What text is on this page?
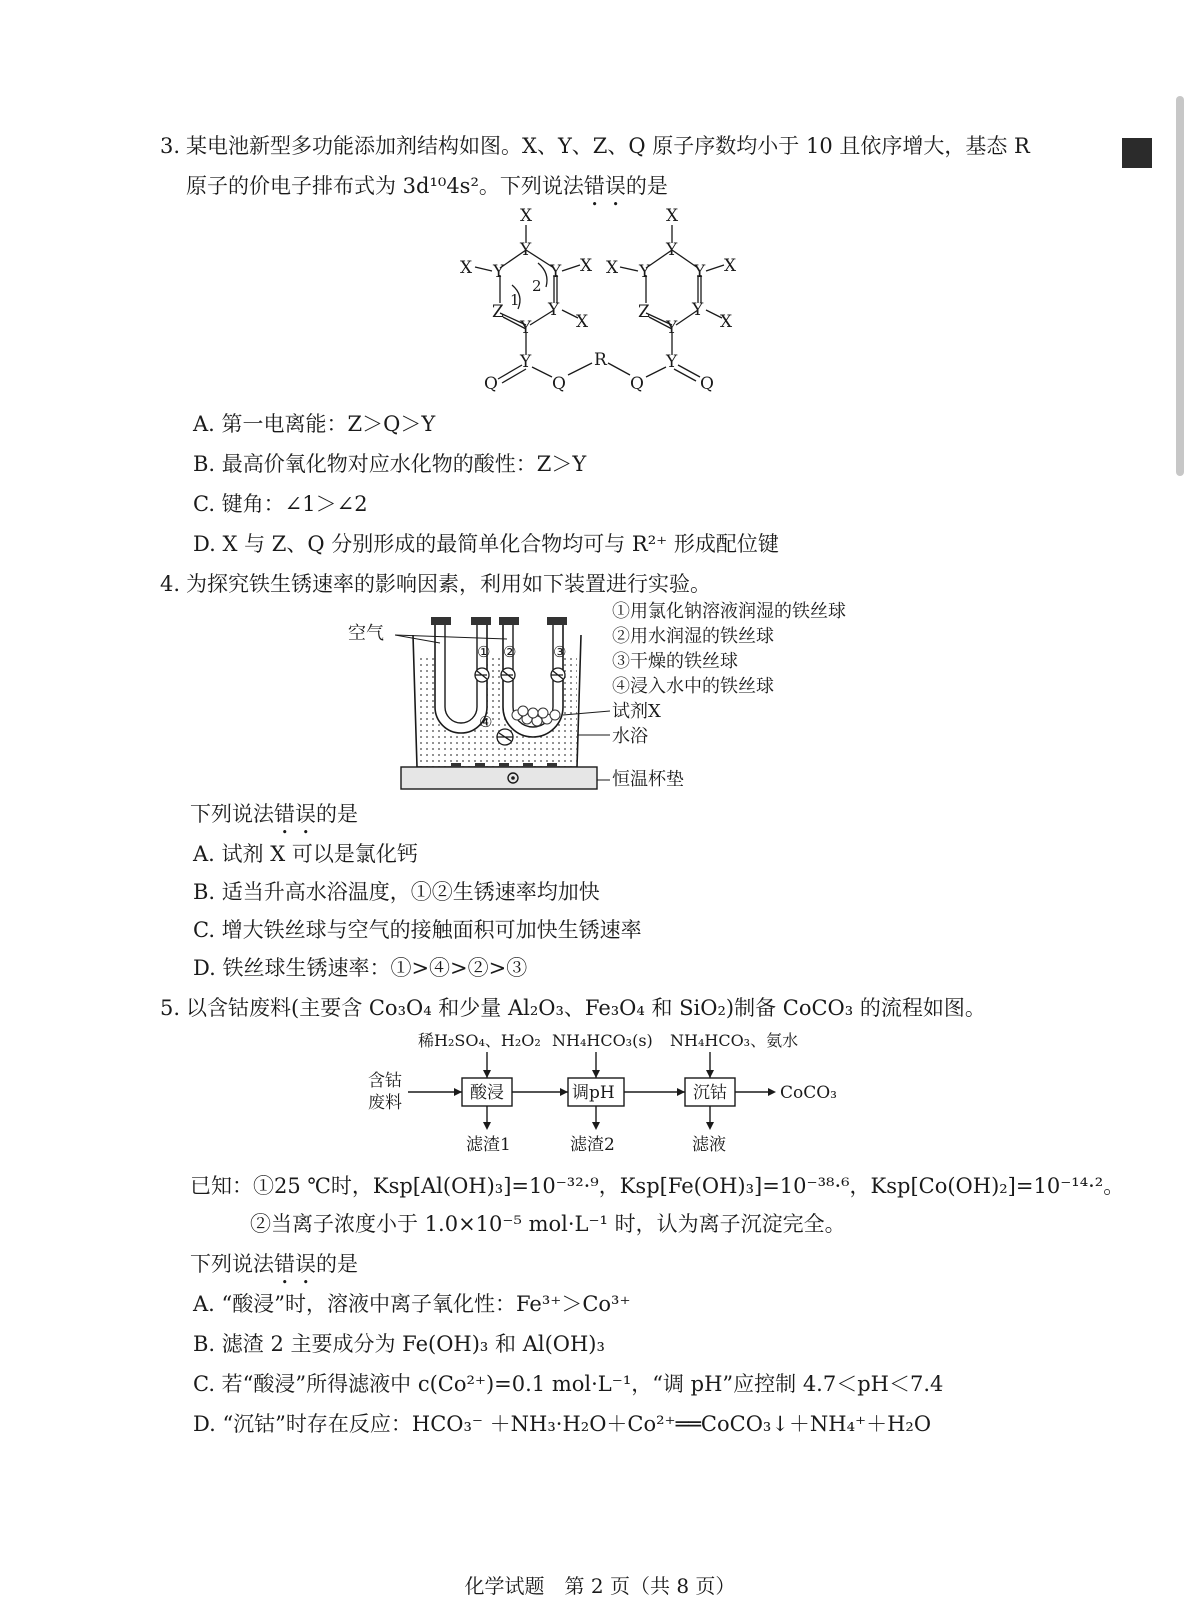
3. 某电池新型多功能添加剂结构如图。X、Y、Z、Q 原子序数均小于 10 且依序增大，基态 R
原子的价电子排布式为 3d¹⁰4s²。下列说法错误的是
X
Y
X Y	Y X
2
1
Z	Y
X
Y
Y
Q	Q
R
Q
X
Y
X Y	Y X
Z Y
X
Y
Y
Q
A. 第一电离能：Z＞Q＞Y
B. 最高价氧化物对应水化物的酸性：Z＞Y
C. 键角：∠1＞∠2
D. X 与 Z、Q 分别形成的最简单化合物均可与 R²⁺ 形成配位键
4. 为探究铁生锈速率的影响因素，利用如下装置进行实验。
① ② ③
④
空气
①用氯化钠溶液润湿的铁丝球
②用水润湿的铁丝球
③干燥的铁丝球
④浸入水中的铁丝球
试剂X
水浴
恒温杯垫
下列说法错误的是
A. 试剂 X 可以是氯化钙
B. 适当升高水浴温度，①②生锈速率均加快
C. 增大铁丝球与空气的接触面积可加快生锈速率
D. 铁丝球生锈速率：①>④>②>③
5. 以含钴废料(主要含 Co₃O₄ 和少量 Al₂O₃、Fe₃O₄ 和 SiO₂)制备 CoCO₃ 的流程如图。
含钴
废料	酸浸	调pH	沉钴	CoCO₃
稀H₂SO₄、H₂O₂ NH₄HCO₃(s) NH₄HCO₃、氨水
滤渣1	滤渣2	滤液
已知：①25 ℃时，Ksp[Al(OH)₃]=10⁻³²·⁹，Ksp[Fe(OH)₃]=10⁻³⁸·⁶，Ksp[Co(OH)₂]=10⁻¹⁴·²。
②当离子浓度小于 1.0×10⁻⁵ mol·L⁻¹ 时，认为离子沉淀完全。
下列说法错误的是
A. “酸浸”时，溶液中离子氧化性：Fe³⁺＞Co³⁺
B. 滤渣 2 主要成分为 Fe(OH)₃ 和 Al(OH)₃
C. 若“酸浸”所得滤液中 c(Co²⁺)=0.1 mol·L⁻¹，“调 pH”应控制 4.7＜pH＜7.4
D. “沉钴”时存在反应：HCO₃⁻ ＋NH₃·H₂O＋Co²⁺══CoCO₃↓＋NH₄⁺＋H₂O
化学试题　第 2 页（共 8 页）
